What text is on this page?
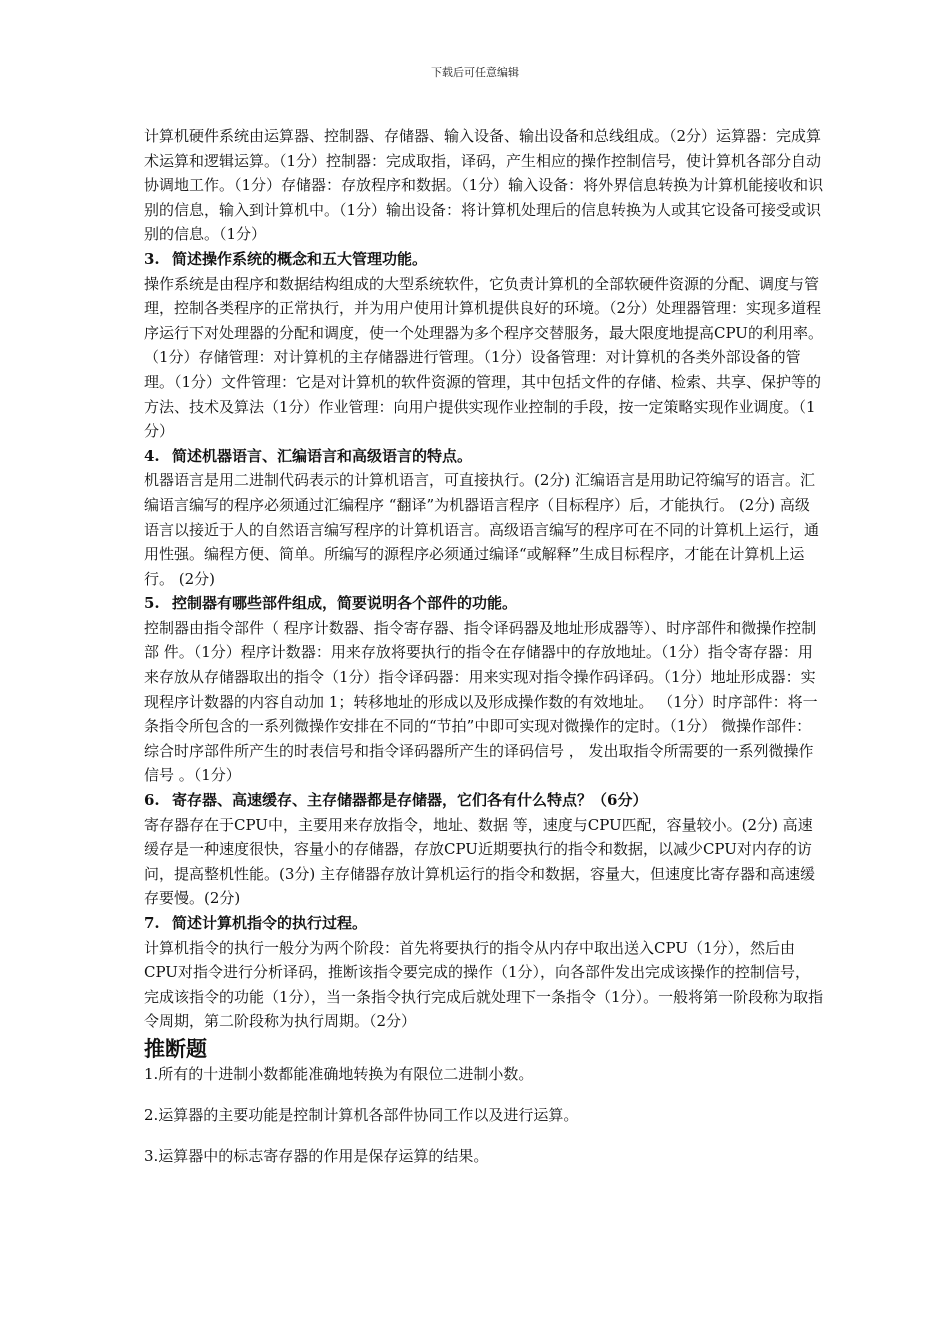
下载后可任意编辑

计算机硬件系统由运算器、控制器、存储器、输入设备、输出设备和总线组成。（2分）运算器：完成算术运算和逻辑运算。（1分）控制器：完成取指，译码，产生相应的操作控制信号，使计算机各部分自动协调地工作。（1分）存储器：存放程序和数据。（1分）输入设备：将外界信息转换为计算机能接收和识别的信息，输入到计算机中。（1分）输出设备：将计算机处理后的信息转换为人或其它设备可接受或识别的信息。（1分）

3. 简述操作系统的概念和五大管理功能。

操作系统是由程序和数据结构组成的大型系统软件，它负责计算机的全部软硬件资源的分配、调度与管理，控制各类程序的正常执行，并为用户使用计算机提供良好的环境。（2分）处理器管理：实现多道程序运行下对处理器的分配和调度，使一个处理器为多个程序交替服务，最大限度地提高CPU的利用率。（1分）存储管理：对计算机的主存储器进行管理。（1分）设备管理：对计算机的各类外部设备的管理。（1分）文件管理：它是对计算机的软件资源的管理，其中包括文件的存储、检索、共享、保护等的方法、技术及算法（1分）作业管理：向用户提供实现作业控制的手段，按一定策略实现作业调度。（1分）

4. 简述机器语言、汇编语言和高级语言的特点。

机器语言是用二进制代码表示的计算机语言，可直接执行。(2分) 汇编语言是用助记符编写的语言。汇编语言编写的程序必须通过汇编程序 “翻译”为机器语言程序（目标程序）后，才能执行。 (2分) 高级语言以接近于人的自然语言编写程序的计算机语言。高级语言编写的程序可在不同的计算机上运行，通用性强。编程方便、简单。所编写的源程序必须通过编译“或解释”生成目标程序，才能在计算机上运行。 (2分)

5. 控制器有哪些部件组成，简要说明各个部件的功能。

控制器由指令部件（ 程序计数器、指令寄存器、指令译码器及地址形成器等）、时序部件和微操作控制部 件。（1分）程序计数器：用来存放将要执行的指令在存储器中的存放地址。（1分）指令寄存器：用来存放从存储器取出的指令（1分）指令译码器：用来实现对指令操作码译码。（1分）地址形成器：实现程序计数器的内容自动加 1；转移地址的形成以及形成操作数的有效地址。 （1分）时序部件：将一条指令所包含的一系列微操作安排在不同的“节拍”中即可实现对微操作的定时。（1分） 微操作部件：综合时序部件所产生的时表信号和指令译码器所产生的译码信号 ， 发出取指令所需要的一系列微操作信号 。（1分）

6. 寄存器、高速缓存、主存储器都是存储器，它们各有什么特点？（6分）

寄存器存在于CPU中，主要用来存放指令，地址、数据 等，速度与CPU匹配，容量较小。(2分) 高速缓存是一种速度很快，容量小的存储器，存放CPU近期要执行的指令和数据，以减少CPU对内存的访问，提高整机性能。(3分) 主存储器存放计算机运行的指令和数据，容量大，但速度比寄存器和高速缓存要慢。(2分)

7. 简述计算机指令的执行过程。

计算机指令的执行一般分为两个阶段：首先将要执行的指令从内存中取出送入CPU（1分），然后由CPU对指令进行分析译码，推断该指令要完成的操作（1分），向各部件发出完成该操作的控制信号，完成该指令的功能（1分），当一条指令执行完成后就处理下一条指令（1分）。一般将第一阶段称为取指令周期，第二阶段称为执行周期。（2分）

推断题

1.所有的十进制小数都能准确地转换为有限位二进制小数。

2.运算器的主要功能是控制计算机各部件协同工作以及进行运算。

3.运算器中的标志寄存器的作用是保存运算的结果。
